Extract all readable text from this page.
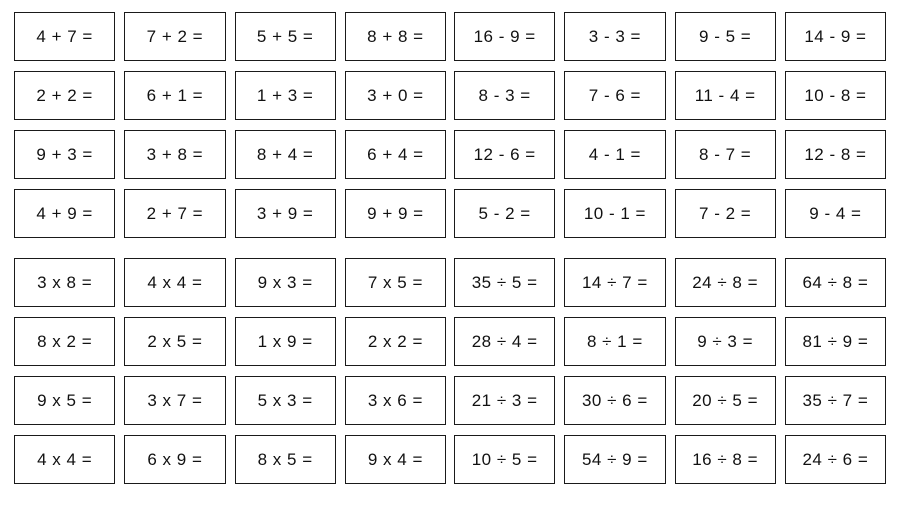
4 + 7 =	7 + 2 =	5 + 5 =	8 + 8 =
2 + 2 =	6 + 1 =	1 + 3 =	3 + 0 =
9 + 3 =	3 + 8 =	8 + 4 =	6 + 4 =
4 + 9 =	2 + 7 =	3 + 9 =	9 + 9 =
16 - 9 =	3 - 3 =	9 - 5 =	14 - 9 =
8 - 3 =	7 - 6 =	11 - 4 =	10 - 8 =
12 - 6 =	4 - 1 =	8 - 7 =	12 - 8 =
5 - 2 =	10 - 1 =	7 - 2 =	9 - 4 =
3 x 8 =	4 x 4 =	9 x 3 =	7 x 5 =
8 x 2 =	2 x 5 =	1 x 9 =	2 x 2 =
9 x 5 =	3 x 7 =	5 x 3 =	3 x 6 =
4 x 4 =	6 x 9 =	8 x 5 =	9 x 4 =
35 ÷ 5 =	14 ÷ 7 =	24 ÷ 8 =	64 ÷ 8 =
28 ÷ 4 =	8 ÷ 1 =	9 ÷ 3 =	81 ÷ 9 =
21 ÷ 3 =	30 ÷ 6 =	20 ÷ 5 =	35 ÷ 7 =
10 ÷ 5 =	54 ÷ 9 =	16 ÷ 8 =	24 ÷ 6 =
